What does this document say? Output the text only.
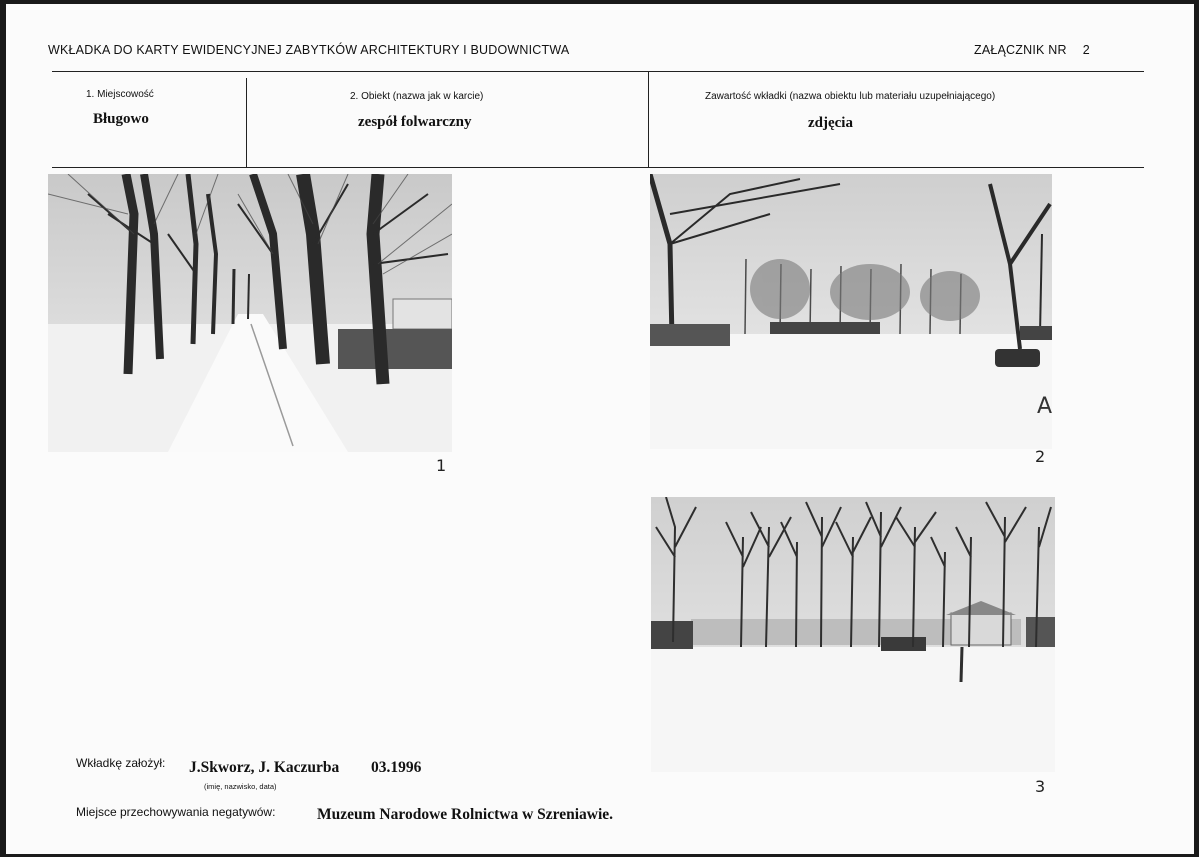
WKŁADKA DO KARTY EWIDENCYJNEJ ZABYTKÓW ARCHITEKTURY I BUDOWNICTWA	ZAŁĄCZNIK NR 2
1. Miejscowość
Bługowo
2. Obiekt (nazwa jak w karcie)
zespół folwarczny
Zawartość wkładki (nazwa obiektu lub materiału uzupełniającego)
zdjęcia
1	2
A
3
Wkładkę założył: J.Skworz, J. Kaczurba 03.1996
(imię, nazwisko, data)
Miejsce przechowywania negatywów:	Muzeum Narodowe Rolnictwa w Szreniawie.
